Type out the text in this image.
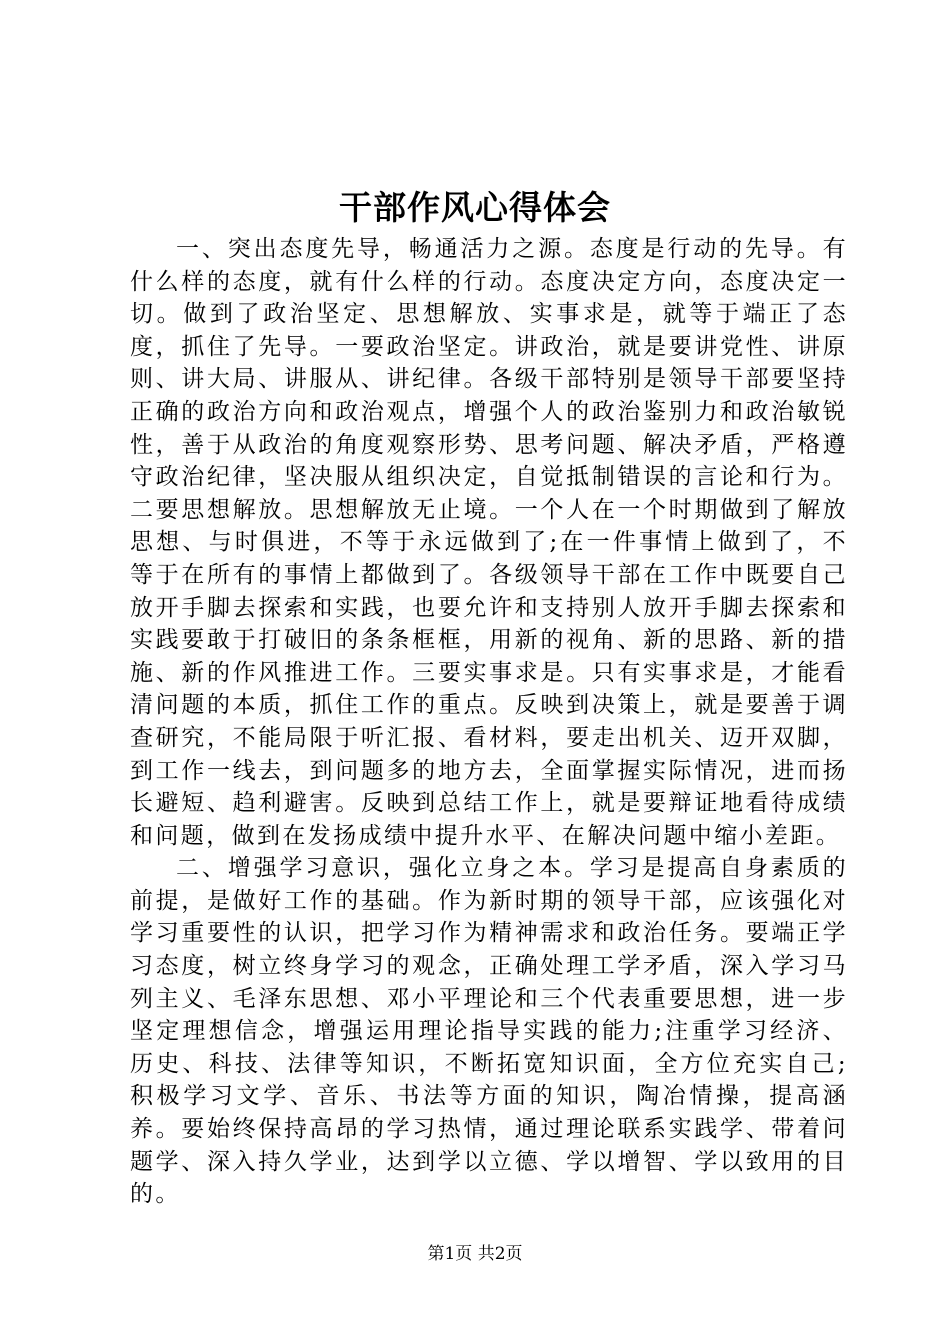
干部作风心得体会

一、突出态度先导，畅通活力之源。态度是行动的先导。有什么样的态度，就有什么样的行动。态度决定方向，态度决定一切。做到了政治坚定、思想解放、实事求是，就等于端正了态度，抓住了先导。一要政治坚定。讲政治，就是要讲党性、讲原则、讲大局、讲服从、讲纪律。各级干部特别是领导干部要坚持正确的政治方向和政治观点，增强个人的政治鉴别力和政治敏锐性，善于从政治的角度观察形势、思考问题、解决矛盾，严格遵守政治纪律，坚决服从组织决定，自觉抵制错误的言论和行为。二要思想解放。思想解放无止境。一个人在一个时期做到了解放思想、与时俱进，不等于永远做到了;在一件事情上做到了，不等于在所有的事情上都做到了。各级领导干部在工作中既要自己放开手脚去探索和实践，也要允许和支持别人放开手脚去探索和实践要敢于打破旧的条条框框，用新的视角、新的思路、新的措施、新的作风推进工作。三要实事求是。只有实事求是，才能看清问题的本质，抓住工作的重点。反映到决策上，就是要善于调查研究，不能局限于听汇报、看材料，要走出机关、迈开双脚，到工作一线去，到问题多的地方去，全面掌握实际情况，进而扬长避短、趋利避害。反映到总结工作上，就是要辩证地看待成绩和问题，做到在发扬成绩中提升水平、在解决问题中缩小差距。

二、增强学习意识，强化立身之本。学习是提高自身素质的前提，是做好工作的基础。作为新时期的领导干部，应该强化对学习重要性的认识，把学习作为精神需求和政治任务。要端正学习态度，树立终身学习的观念，正确处理工学矛盾，深入学习马列主义、毛泽东思想、邓小平理论和三个代表重要思想，进一步坚定理想信念，增强运用理论指导实践的能力;注重学习经济、历史、科技、法律等知识，不断拓宽知识面，全方位充实自己;积极学习文学、音乐、书法等方面的知识，陶冶情操，提高涵养。要始终保持高昂的学习热情，通过理论联系实践学、带着问题学、深入持久学业，达到学以立德、学以增智、学以致用的目的。

第1页 共2页
